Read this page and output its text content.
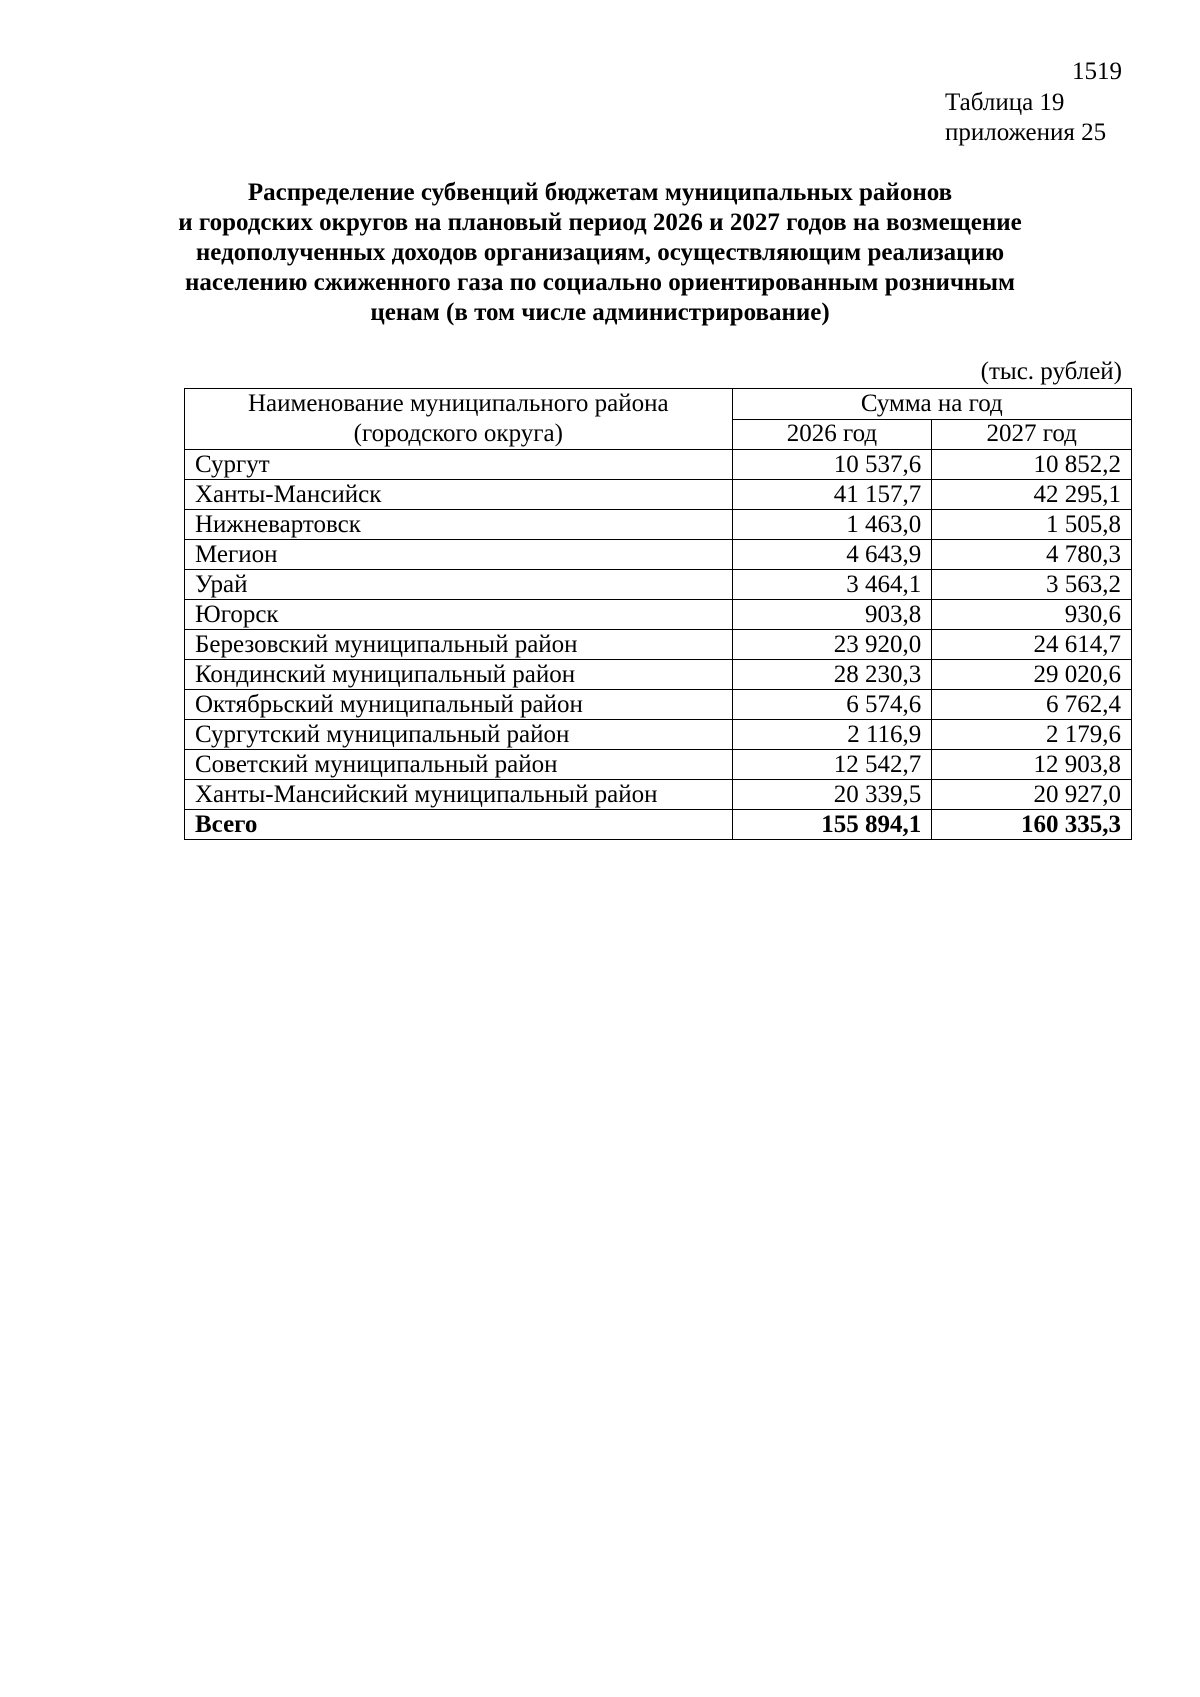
1519
Таблица 19
приложения 25
Распределение субвенций бюджетам муниципальных районов
и городских округов на плановый период 2026 и 2027 годов на возмещение
недополученных доходов организациям, осуществляющим реализацию
населению сжиженного газа по социально ориентированным розничным
ценам (в том числе администрирование)
(тыс. рублей)
Наименование муниципального района
(городского округа)	Сумма на год	
	2026 год	2027 год
Сургут	10 537,6	10 852,2
Ханты-Мансийск	41 157,7	42 295,1
Нижневартовск	1 463,0	1 505,8
Мегион	4 643,9	4 780,3
Урай	3 464,1	3 563,2
Югорск	903,8	930,6
Березовский муниципальный район	23 920,0	24 614,7
Кондинский муниципальный район	28 230,3	29 020,6
Октябрьский муниципальный район	6 574,6	6 762,4
Сургутский муниципальный район	2 116,9	2 179,6
Советский муниципальный район	12 542,7	12 903,8
Ханты-Мансийский муниципальный район	20 339,5	20 927,0
Всего	155 894,1	160 335,3
